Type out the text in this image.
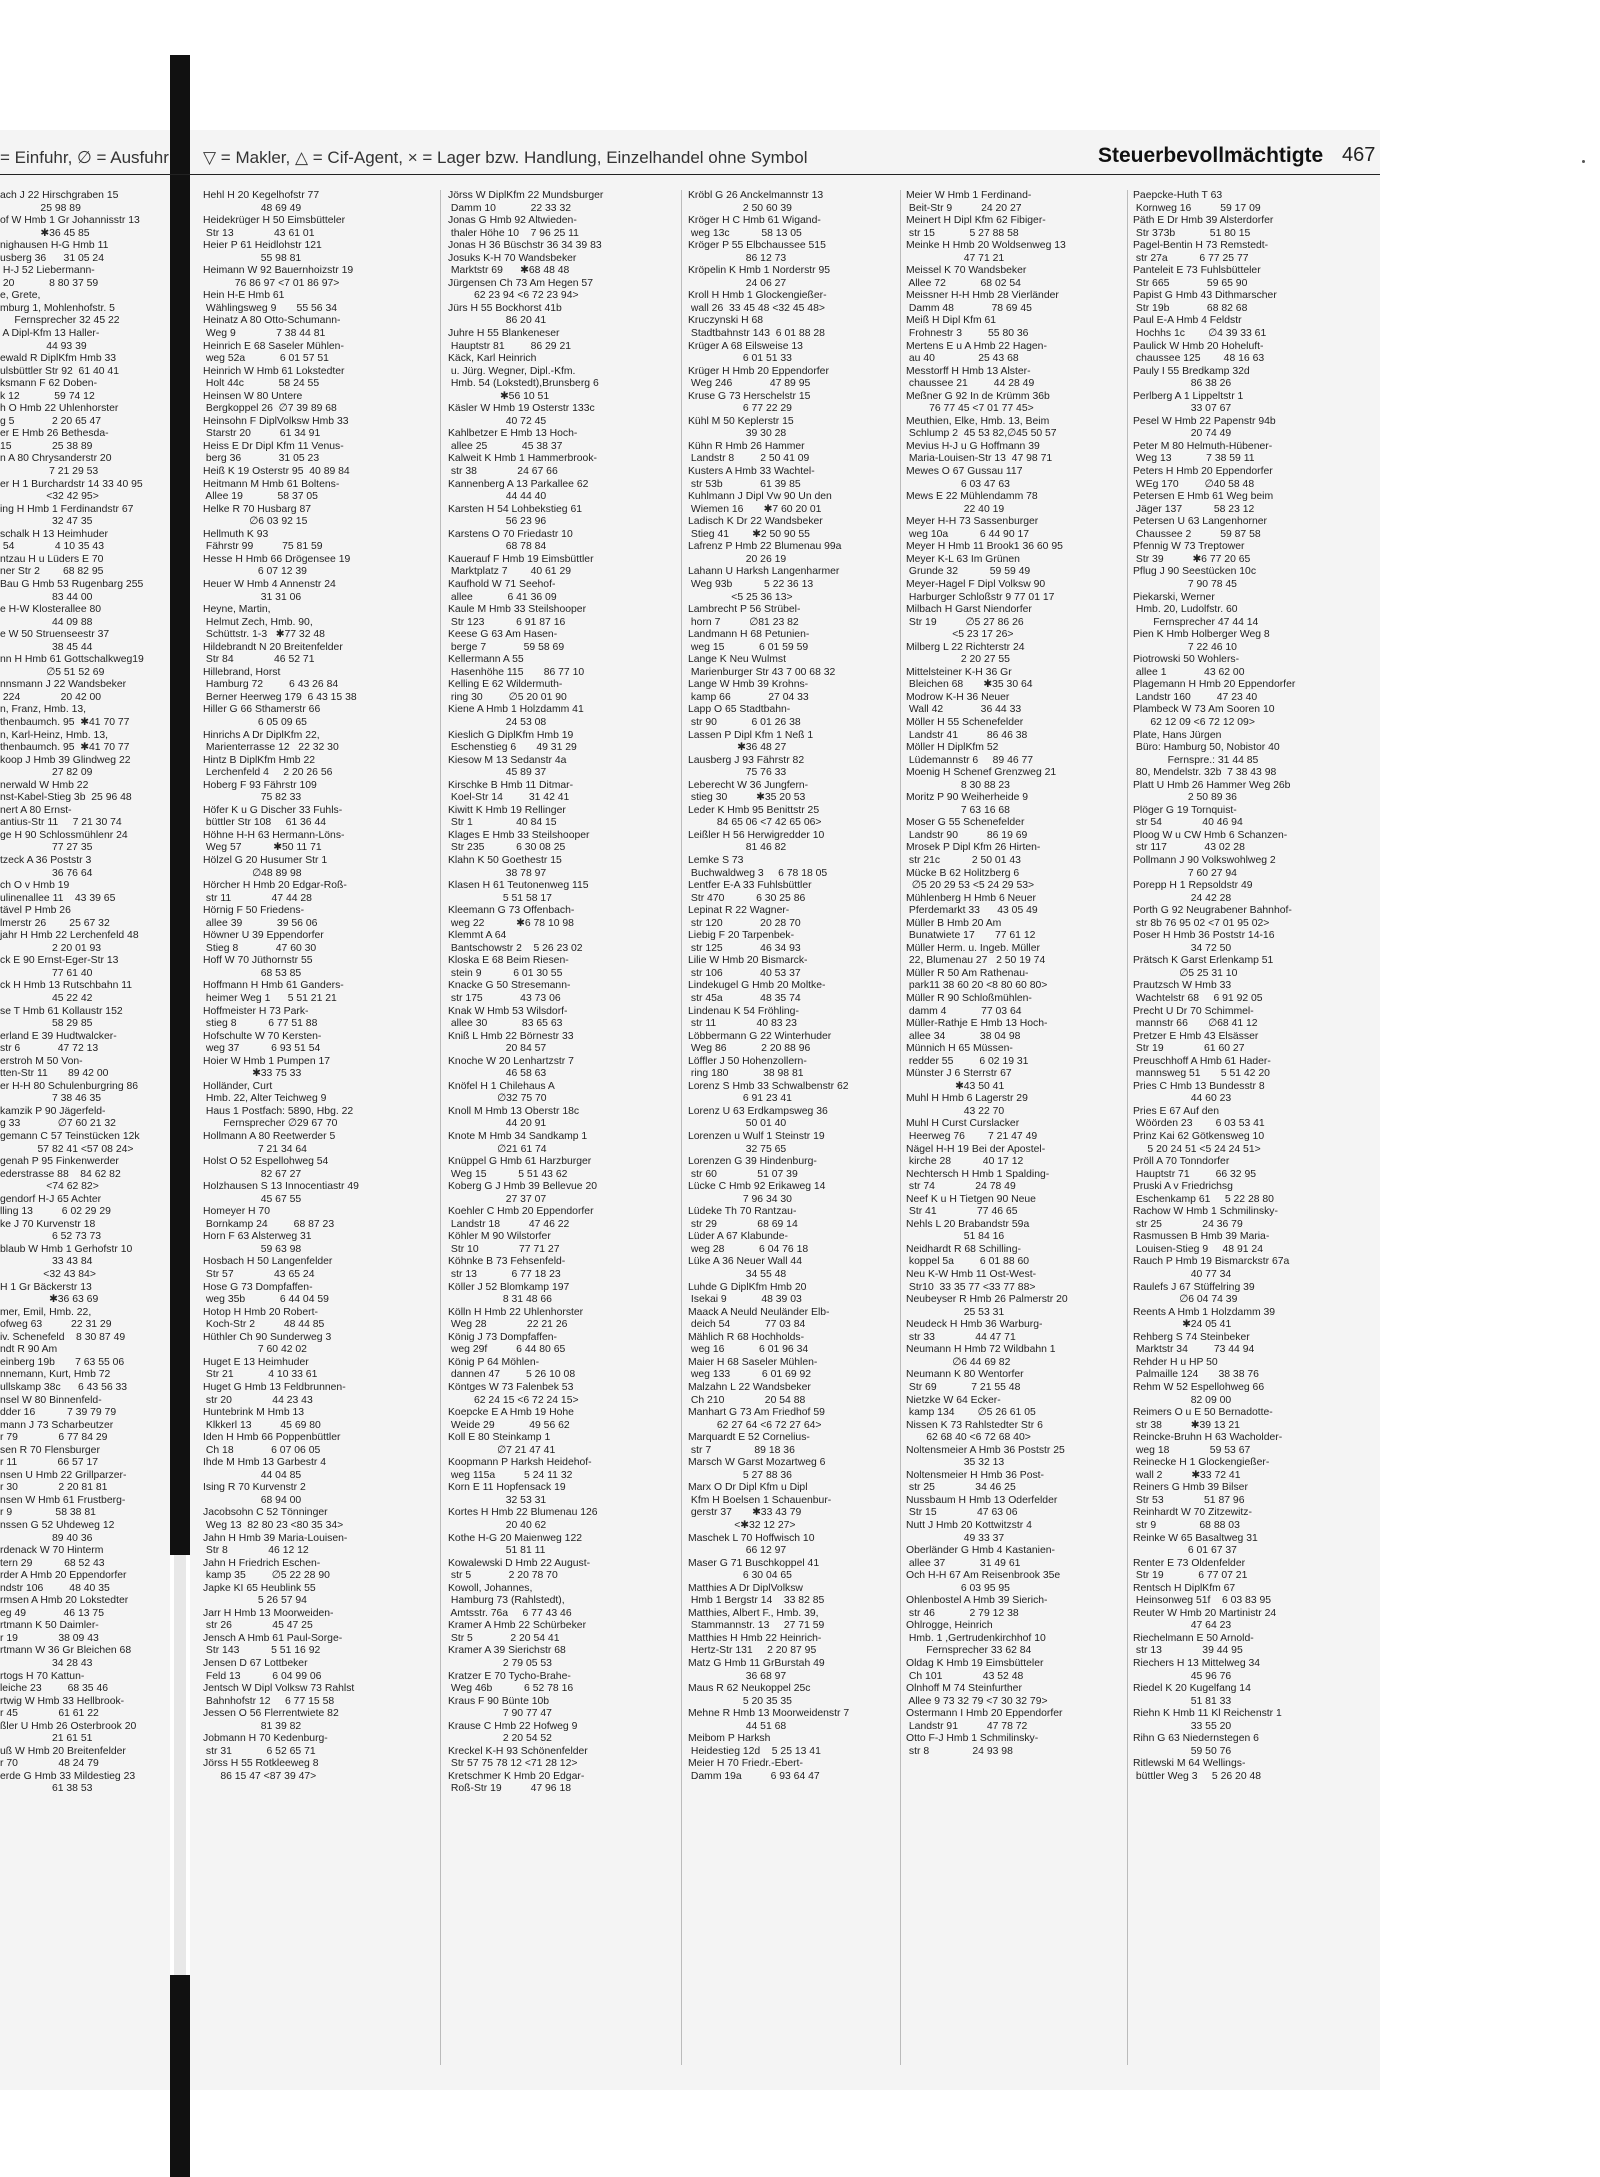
= Einfuhr, ∅ = Ausfuhr ▽ = Makler, △ = Cif-Agent, × = Lager bzw. Handlung, Einzelhandel ohne Symbol	Steuerbevollmächtigte 467
ach J 22 Hirschgraben 15
25 98 89
of W Hmb 1 Gr Johannisstr 13
✱36 45 85
nighausen H-G Hmb 11
usberg 36      31 05 24
H-J 52 Liebermann-
20            8 80 37 59
e, Grete,
mburg 1, Mohlenhofstr. 5
Fernsprecher 32 45 22
A Dipl-Kfm 13 Haller-
44 93 39
ewald R DiplKfm Hmb 33
ulsbüttler Str 92  61 40 41
ksmann F 62 Doben-
k 12            59 74 12
h O Hmb 22 Uhlenhorster
g 5             2 20 65 47
er E Hmb 26 Bethesda-
15              25 38 89
n A 80 Chrysanderstr 20
7 21 29 53
er H 1 Burchardstr 14 33 40 95
<32 42 95>
ing H Hmb 1 Ferdinandstr 67
32 47 35
schalk H 13 Heimhuder
54              4 10 35 43
ntzau H u Lüders E 70
ner Str 2        68 82 95
Bau G Hmb 53 Rugenbarg 255
83 44 00
e H-W Klosterallee 80
44 09 88
e W 50 Struenseestr 37
38 45 44
nn H Hmb 61 Gottschalkweg19
∅5 51 52 69
nnsmann J 22 Wandsbeker
224              20 42 00
n, Franz, Hmb. 13,
thenbaumch. 95  ✱41 70 77
n, Karl-Heinz, Hmb. 13,
thenbaumch. 95  ✱41 70 77
koop J Hmb 39 Glindweg 22
27 82 09
nerwald W Hmb 22
nst-Kabel-Stieg 3b  25 96 48
nert A 80 Ernst-
antius-Str 11     7 21 30 74
ge H 90 Schlossmühlenr 24
77 27 35
tzeck A 36 Poststr 3
36 76 64
ch O v Hmb 19
ulinenallee 11    43 39 65
tävel P Hmb 26
lmerstr 26        25 67 32
jahr H Hmb 22 Lerchenfeld 48
2 20 01 93
ck E 90 Ernst-Eger-Str 13
77 61 40
ck H Hmb 13 Rutschbahn 11
45 22 42
se T Hmb 61 Kollaustr 152
58 29 85
erland E 39 Hudtwalcker-
str 6             47 72 13
erstroh M 50 Von-
tten-Str 11       89 42 00
er H-H 80 Schulenburgring 86
7 38 46 35
kamzik P 90 Jägerfeld-
g 33             ∅7 60 21 32
gemann C 57 Teinstücken 12k
57 82 41 <57 08 24>
genah P 95 Finkenwerder
ederstrasse 88    84 62 82
<74 62 82>
gendorf H-J 65 Achter
lling 13          6 02 29 29
ke J 70 Kurvenstr 18
6 52 73 73
blaub W Hmb 1 Gerhofstr 10
33 43 84
<32 43 84>
H 1 Gr Bäckerstr 13
✱36 63 69
mer, Emil, Hmb. 22,
ofweg 63          22 31 29
iv. Schenefeld    8 30 87 49
ndt R 90 Am
einberg 19b       7 63 55 06
nnemann, Kurt, Hmb 72
ullskamp 38c      6 43 56 33
nsel W 80 Binnenfeld-
dder 16           7 39 79 79
mann J 73 Scharbeutzer
r 79              6 77 84 29
sen R 70 Flensburger
r 11              66 57 17
nsen U Hmb 22 Grillparzer-
r 30              2 20 81 81
nsen W Hmb 61 Frustberg-
r 9               58 38 81
nssen G 52 Uhdeweg 12
89 40 36
rdenack W 70 Hinterm
tern 29           68 52 43
rder A Hmb 20 Eppendorfer
ndstr 106         48 40 35
rmsen A Hmb 20 Lokstedter
eg 49             46 13 75
rtmann K 50 Daimler-
r 19              38 09 43
rtmann W 36 Gr Bleichen 68
34 28 43
rtogs H 70 Kattun-
leiche 23         68 35 46
rtwig W Hmb 33 Hellbrook-
r 45              61 61 22
ßler U Hmb 26 Osterbrook 20
21 61 51
uß W Hmb 20 Breitenfelder
r 70              48 24 79
erde G Hmb 33 Mildestieg 23
61 38 53
Hehl H 20 Kegelhofstr 77
48 69 49
Heidekrüger H 50 Eimsbütteler
Str 13              43 61 01
Heier P 61 Heidlohstr 121
55 98 81
Heimann W 92 Bauernhoizstr 19
76 86 97 <7 01 86 97>
Hein H-E Hmb 61
Wählingsweg 9       55 56 34
Heinatz A 80 Otto-Schumann-
Weg 9              7 38 44 81
Heinrich E 68 Saseler Mühlen-
weg 52a            6 01 57 51
Heinrich W Hmb 61 Lokstedter
Holt 44c            58 24 55
Heinsen W 80 Untere
Bergkoppel 26  ∅7 39 89 68
Heinsohn F DiplVolksw Hmb 33
Starstr 20          61 34 91
Heiss E Dr Dipl Kfm 11 Venus-
berg 36             31 05 23
Heiß K 19 Osterstr 95  40 89 84
Heitmann M Hmb 61 Boltens-
Allee 19            58 37 05
Helke R 70 Husbarg 87
∅6 03 92 15
Hellmuth K 93
Fährstr 99          75 81 59
Hesse H Hmb 66 Drögensee 19
6 07 12 39
Heuer W Hmb 4 Annenstr 24
31 31 06
Heyne, Martin,
Helmut Zech, Hmb. 90,
Schüttstr. 1-3   ✱77 32 48
Hildebrandt N 20 Breitenfelder
Str 84              46 52 71
Hillebrand, Horst
Hamburg 72         6 43 26 84
Berner Heerweg 179  6 43 15 38
Hiller G 66 Sthamerstr 66
6 05 09 65
Hinrichs A Dr DiplKfm 22,
Marienterrasse 12   22 32 30
Hintz B DiplKfm Hmb 22
Lerchenfeld 4     2 20 26 56
Hoberg F 93 Fährstr 109
75 82 33
Höfer K u G Discher 33 Fuhls-
büttler Str 108     61 36 44
Höhne H-H 63 Hermann-Löns-
Weg 57           ✱50 11 71
Hölzel G 20 Husumer Str 1
∅48 89 98
Hörcher H Hmb 20 Edgar-Roß-
str 11              47 44 28
Hörnig F 50 Friedens-
allee 39            39 56 06
Höwner U 39 Eppendorfer
Stieg 8             47 60 30
Hoff W 70 Jüthornstr 55
68 53 85
Hoffmann H Hmb 61 Ganders-
heimer Weg 1      5 51 21 21
Hoffmeister H 73 Park-
stieg 8           6 77 51 88
Hofschulte W 70 Kersten-
weg 37           6 93 51 54
Hoier W Hmb 1 Pumpen 17
✱33 75 33
Holländer, Curt
Hmb. 22, Alter Teichweg 9
Haus 1 Postfach: 5890, Hbg. 22
Fernsprecher ∅29 67 70
Hollmann A 80 Reetwerder 5
7 21 34 64
Holst O 52 Espellohweg 54
82 67 27
Holzhausen S 13 Innocentiastr 49
45 67 55
Homeyer H 70
Bornkamp 24         68 87 23
Horn F 63 Alsterweg 31
59 63 98
Hosbach H 50 Langenfelder
Str 57              43 65 24
Hose G 73 Dompfaffen-
weg 35b            6 44 04 59
Hotop H Hmb 20 Robert-
Koch-Str 2          48 44 85
Hüthler Ch 90 Sunderweg 3
7 60 42 02
Huget E 13 Heimhuder
Str 21            4 10 33 61
Huget G Hmb 13 Feldbrunnen-
str 20              44 23 43
Huntebrink M Hmb 13
Klkkerl 13          45 69 80
Iden H Hmb 66 Poppenbüttler
Ch 18             6 07 06 05
Ihde M Hmb 13 Garbestr 4
44 04 85
Ising R 70 Kurvenstr 2
68 94 00
Jacobsohn C 52 Tönninger
Weg 13  82 80 23 <80 35 34>
Jahn H Hmb 39 Maria-Louisen-
Str 8              46 12 12
Jahn H Friedrich Eschen-
kamp 35         ∅5 22 28 90
Japke KI 65 Heublink 55
5 26 57 94
Jarr H Hmb 13 Moorweiden-
str 26              45 47 25
Jensch A Hmb 61 Paul-Sorge-
Str 143           5 51 16 92
Jensen D 67 Lottbeker
Feld 13           6 04 99 06
Jentsch W Dipl Volksw 73 Rahlst
Bahnhofstr 12     6 77 15 58
Jessen O 56 Flerrentwiete 82
81 39 82
Jobmann H 70 Kedenburg-
str 31            6 52 65 71
Jörss H 55 Rotkleeweg 8
86 15 47 <87 39 47>
Jörss W DiplKfm 22 Mundsburger
Damm 10            22 33 32
Jonas G Hmb 92 Altwieden-
thaler Höhe 10    7 96 25 11
Jonas H 36 Büschstr 36 34 39 83
Josuks K-H 70 Wandsbeker
Marktstr 69      ✱68 48 48
Jürgensen Ch 73 Am Hegen 57
62 23 94 <6 72 23 94>
Jürs H 55 Bockhorst 41b
86 20 41
Juhre H 55 Blankeneser
Hauptstr 81         86 29 21
Käck, Karl Heinrich
u. Jürg. Wegner, Dipl.-Kfm.
Hmb. 54 (Lokstedt),Brunsberg 6
✱56 10 51
Käsler W Hmb 19 Osterstr 133c
40 72 45
Kahlbetzer E Hmb 13 Hoch-
allee 25            45 38 37
Kalweit K Hmb 1 Hammerbrook-
str 38              24 67 66
Kannenberg A 13 Parkallee 62
44 44 40
Karsten H 54 Lohbekstieg 61
56 23 96
Karstens O 70 Friedastr 10
68 78 84
Kauerauf F Hmb 19 Eimsbüttler
Marktplatz 7        40 61 29
Kaufhold W 71 Seehof-
allee            6 41 36 09
Kaule M Hmb 33 Steilshooper
Str 123           6 91 87 16
Keese G 63 Am Hasen-
berge 7             59 58 69
Kellermann A 55
Hasenhöhe 115       86 77 10
Kelling E 62 Wildermuth-
ring 30         ∅5 20 01 90
Kiene A Hmb 1 Holzdamm 41
24 53 08
Kieslich G DiplKfm Hmb 19
Eschenstieg 6       49 31 29
Kiesow M 13 Sedanstr 4a
45 89 37
Kirschke B Hmb 11 Ditmar-
Koel-Str 14         31 42 41
Kiwitt K Hmb 19 Rellinger
Str 1               40 84 15
Klages E Hmb 33 Steilshooper
Str 235           6 30 08 25
Klahn K 50 Goethestr 15
38 78 97
Klasen H 61 Teutonenweg 115
5 51 58 17
Kleemann G 73 Offenbach-
weg 22           ✱6 78 10 98
Klemmt A 64
Bantschowstr 2    5 26 23 02
Kloska E 68 Beim Riesen-
stein 9           6 01 30 55
Knacke G 50 Stresemann-
str 175             43 73 06
Knak W Hmb 53 Wilsdorf-
allee 30            83 65 63
Kniß L Hmb 22 Börnestr 33
20 84 57
Knoche W 20 Lenhartzstr 7
46 58 63
Knöfel H 1 Chilehaus A
∅32 75 70
Knoll M Hmb 13 Oberstr 18c
44 20 91
Knote M Hmb 34 Sandkamp 1
∅21 61 74
Knüppel G Hmb 61 Harzburger
Weg 15           5 51 43 62
Koberg G J Hmb 39 Bellevue 20
27 37 07
Koehler C Hmb 20 Eppendorfer
Landstr 18          47 46 22
Köhler M 90 Wilstorfer
Str 10              77 71 27
Köhnke B 73 Fehsenfeld-
str 13            6 77 18 23
Köller J 52 Blomkamp 197
8 31 48 66
Kölln H Hmb 22 Uhlenhorster
Weg 28              22 21 26
König J 73 Dompfaffen-
weg 29f          6 44 80 65
König P 64 Möhlen-
dannen 47         5 26 10 08
Köntges W 73 Falenbek 53
62 24 15 <6 72 24 15>
Koepcke E A Hmb 19 Hohe
Weide 29            49 56 62
Koll E 80 Steinkamp 1
∅7 21 47 41
Koopmann P Harksh Heidehof-
weg 115a          5 24 11 32
Korn E 11 Hopfensack 19
32 53 31
Kortes H Hmb 22 Blumenau 126
20 40 62
Kothe H-G 20 Maienweg 122
51 81 11
Kowalewski D Hmb 22 August-
str 5             2 20 78 70
Kowoll, Johannes,
Hamburg 73 (Rahlstedt),
Amtsstr. 76a     6 77 43 46
Kramer A Hmb 22 Schürbeker
Str 5             2 20 54 41
Kramer A 39 Sierichstr 68
2 79 05 53
Kratzer E 70 Tycho-Brahe-
Weg 46b           6 52 78 16
Kraus F 90 Bünte 10b
7 90 77 47
Krause C Hmb 22 Hofweg 9
2 20 54 52
Kreckel K-H 93 Schönenfelder
Str 57 75 78 12 <71 28 12>
Kretschmer K Hmb 20 Edgar-
Roß-Str 19          47 96 18
Kröbl G 26 Anckelmannstr 13
2 50 60 39
Kröger H C Hmb 61 Wigand-
weg 13c           58 13 05
Kröger P 55 Elbchaussee 515
86 12 73
Kröpelin K Hmb 1 Norderstr 95
24 06 27
Kroll H Hmb 1 Glockengießer-
wall 26  33 45 48 <32 45 48>
Kruczynski H 68
Stadtbahnstr 143  6 01 88 28
Krüger A 68 Eilsweise 13
6 01 51 33
Krüger H Hmb 20 Eppendorfer
Weg 246             47 89 95
Kruse G 73 Herschelstr 15
6 77 22 29
Kühl M 50 Keplerstr 15
39 30 28
Kühn R Hmb 26 Hammer
Landstr 8         2 50 41 09
Kusters A Hmb 33 Wachtel-
str 53b             61 39 85
Kuhlmann J Dipl Vw 90 Un den
Wiemen 16       ✱7 60 20 01
Ladisch K Dr 22 Wandsbeker
Stieg 41        ✱2 50 90 55
Lafrenz P Hmb 22 Blumenau 99a
20 26 19
Lahann U Harksh Langenharmer
Weg 93b           5 22 36 13
<5 25 36 13>
Lambrecht P 56 Strübel-
horn 7          ∅81 23 82
Landmann H 68 Petunien-
weg 15            6 01 59 59
Lange K Neu Wulmst
Marienburger Str 43 7 00 68 32
Lange W Hmb 39 Krohns-
kamp 66             27 04 33
Lapp O 65 Stadtbahn-
str 90            6 01 26 38
Lassen P Dipl Kfm 1 Neß 1
✱36 48 27
Lausberg J 93 Fährstr 82
75 76 33
Leberecht W 36 Jungfern-
stieg 30          ✱35 20 53
Leder K Hmb 95 Benittstr 25
84 65 06 <7 42 65 06>
Leißler H 56 Herwigredder 10
81 46 82
Lemke S 73
Buchwaldweg 3     6 78 18 05
Lentfer E-A 33 Fuhlsbüttler
Str 470           6 30 25 86
Lepinat R 22 Wagner-
str 120             20 28 70
Liebig F 20 Tarpenbek-
str 125             46 34 93
Lilie W Hmb 20 Bismarck-
str 106             40 53 37
Lindekugel G Hmb 20 Moltke-
str 45a             48 35 74
Lindenau K 54 Fröhling-
str 11              40 83 23
Löbbermann G 22 Winterhuder
Weg 86            2 20 88 96
Löffler J 50 Hohenzollern-
ring 180            38 98 81
Lorenz S Hmb 33 Schwalbenstr 62
6 91 23 41
Lorenz U 63 Erdkampsweg 36
50 01 40
Lorenzen u Wulf 1 Steinstr 19
32 75 65
Lorenzen G 39 Hindenburg-
str 60              51 07 39
Lücke C Hmb 92 Erikaweg 14
7 96 34 30
Lüdeke Th 70 Rantzau-
str 29              68 69 14
Lüder A 67 Klabunde-
weg 28            6 04 76 18
Lüke A 36 Neuer Wall 44
34 55 48
Luhde G DiplKfm Hmb 20
Isekai 9            48 39 03
Maack A Neuld Neuländer Elb-
deich 54            77 03 84
Mählich R 68 Hochholds-
weg 16            6 01 96 34
Maier H 68 Saseler Mühlen-
weg 133           6 01 69 92
Malzahn L 22 Wandsbeker
Ch 210              20 54 88
Manhart G 73 Am Friedhof 59
62 27 64 <6 72 27 64>
Marquardt E 52 Cornelius-
str 7               89 18 36
Marsch W Garst Mozartweg 6
5 27 88 36
Marx O Dr Dipl Kfm u Dipl
Kfm H Boelsen 1 Schauenbur-
gerstr 37       ✱33 43 79
<✱32 12 27>
Maschek L 70 Hoffwisch 10
66 12 97
Maser G 71 Buschkoppel 41
6 30 04 65
Matthies A Dr DiplVolksw
Hmb 1 Bergstr 14    33 82 85
Matthies, Albert F., Hmb. 39,
Stammannstr. 13     27 71 59
Matthies H Hmb 22 Heinrich-
Hertz-Str 131     2 20 87 95
Matz G Hmb 11 GrBurstah 49
36 68 97
Maus R 62 Neukoppel 25c
5 20 35 35
Mehne R Hmb 13 Moorweidenstr 7
44 51 68
Meibom P Harksh
Heidestieg 12d    5 25 13 41
Meier H 70 Friedr.-Ebert-
Damm 19a          6 93 64 47
Meier W Hmb 1 Ferdinand-
Beit-Str 9          24 20 27
Meinert H Dipl Kfm 62 Fibiger-
str 15            5 27 88 58
Meinke H Hmb 20 Woldsenweg 13
47 71 21
Meissel K 70 Wandsbeker
Allee 72            68 02 54
Meissner H-H Hmb 28 Vierländer
Damm 48             78 69 45
Meiß H Dipl Kfm 61
Frohnestr 3         55 80 36
Mertens E u A Hmb 22 Hagen-
au 40               25 43 68
Messtorff H Hmb 13 Alster-
chaussee 21         44 28 49
Meßner G 92 In de Krümm 36b
76 77 45 <7 01 77 45>
Meuthien, Elke, Hmb. 13, Beim
Schlump 2  45 53 82,∅45 50 57
Mevius H-J u G Hoffmann 39
Maria-Louisen-Str 13  47 98 71
Mewes O 67 Gussau 117
6 03 47 63
Mews E 22 Mühlendamm 78
22 40 19
Meyer H-H 73 Sassenburger
weg 10a           6 44 90 17
Meyer H Hmb 11 Brook1 36 60 95
Meyer K-L 63 Im Grünen
Grunde 32           59 59 49
Meyer-Hagel F Dipl Volksw 90
Harburger Schloßstr 9 77 01 17
Milbach H Garst Niendorfer
Str 19          ∅5 27 86 26
<5 23 17 26>
Milberg L 22 Richterstr 24
2 20 27 55
Mittelsteiner K-H 36 Gr
Bleichen 68       ✱35 30 64
Modrow K-H 36 Neuer
Wall 42             36 44 33
Möller H 55 Schenefelder
Landstr 41          86 46 38
Möller H DiplKfm 52
Lüdemannstr 6     89 46 77
Moenig H Schenef Grenzweg 21
8 30 88 23
Moritz P 90 Weiherheide 9
7 63 16 68
Moser G 55 Schenefelder
Landstr 90          86 19 69
Mrosek P Dipl Kfm 26 Hirten-
str 21c           2 50 01 43
Mücke B 62 Holitzberg 6
∅5 20 29 53 <5 24 29 53>
Mühlenberg H Hmb 6 Neuer
Pferdemarkt 33      43 05 49
Müller B Hmb 20 Am
Bunatwiete 17       77 61 12
Müller Herm. u. Ingeb. Müller
22, Blumenau 27   2 50 19 74
Müller R 50 Am Rathenau-
park11 38 60 20 <8 80 60 80>
Müller R 90 Schloßmühlen-
damm 4            77 03 64
Müller-Rathje E Hmb 13 Hoch-
allee 34            38 04 98
Münnich H 65 Müssen-
redder 55         6 02 19 31
Münster J 6 Sterrstr 67
✱43 50 41
Muhl H Hmb 6 Lagerstr 29
43 22 70
Muhl H Curst Curslacker
Heerweg 76        7 21 47 49
Nägel H-H 19 Bei der Apostel-
kirche 28           40 17 12
Nechtersch H Hmb 1 Spalding-
str 74              24 78 49
Neef K u H Tietgen 90 Neue
Str 41              77 46 65
Nehls L 20 Brabandstr 59a
51 84 16
Neidhardt R 68 Schilling-
koppel 5a         6 01 88 60
Neu K-W Hmb 11 Ost-West-
Str10  33 35 77 <33 77 88>
Neubeyser R Hmb 26 Palmerstr 20
25 53 31
Neudeck H Hmb 36 Warburg-
str 33              44 47 71
Neumann H Hmb 72 Wildbahn 1
∅6 44 69 82
Neumann K 80 Wentorfer
Str 69            7 21 55 48
Nietzke W 64 Ecker-
kamp 134        ∅5 26 61 05
Nissen K 73 Rahlstedter Str 6
62 68 40 <6 72 68 40>
Noltensmeier A Hmb 36 Poststr 25
35 32 13
Noltensmeier H Hmb 36 Post-
str 25              34 46 25
Nussbaum H Hmb 13 Oderfelder
Str 15              47 63 06
Nutt J Hmb 20 Kottwitzstr 4
49 33 37
Oberländer G Hmb 4 Kastanien-
allee 37            31 49 61
Och H-H 67 Am Reisenbrook 35e
6 03 95 95
Ohlenbostel A Hmb 39 Sierich-
str 46            2 79 12 38
Ohlrogge, Heinrich
Hmb. 1 ,Gertrudenkirchhof 10
Fernsprecher 33 62 84
Oldag K Hmb 19 Eimsbütteler
Ch 101              43 52 48
Olnhoff M 74 Steinfurther
Allee 9 73 32 79 <7 30 32 79>
Ostermann I Hmb 20 Eppendorfer
Landstr 91          47 78 72
Otto F-J Hmb 1 Schmilinsky-
str 8               24 93 98
Paepcke-Huth T 63
Kornweg 16          59 17 09
Päth E Dr Hmb 39 Alsterdorfer
Str 373b            51 80 15
Pagel-Bentin H 73 Remstedt-
str 27a           6 77 25 77
Panteleit E 73 Fuhlsbütteler
Str 665             59 65 90
Papist G Hmb 43 Dithmarscher
Str 19b             68 82 68
Paul E-A Hmb 4 Feldstr
Hochhs 1c        ∅4 39 33 61
Paulick W Hmb 20 Hoheluft-
chaussee 125        48 16 63
Pauly I 55 Bredkamp 32d
86 38 26
Perlberg A 1 Lippeltstr 1
33 07 67
Pesel W Hmb 22 Papenstr 94b
20 74 49
Peter M 80 Helmuth-Hübener-
Weg 13            7 38 59 11
Peters H Hmb 20 Eppendorfer
WEg 170         ∅40 58 48
Petersen E Hmb 61 Weg beim
Jäger 137           58 23 12
Petersen U 63 Langenhorner
Chaussee 2          59 87 58
Pfennig W 73 Treptower
Str 39          ✱6 77 20 65
Pflug J 90 Seestücken 10c
7 90 78 45
Piekarski, Werner
Hmb. 20, Ludolfstr. 60
Fernsprecher 47 44 14
Pien K Hmb Holberger Weg 8
7 22 46 10
Piotrowski 50 Wohlers-
allee 1             43 62 00
Plagemann H Hmb 20 Eppendorfer
Landstr 160         47 23 40
Plambeck W 73 Am Sooren 10
62 12 09 <6 72 12 09>
Plate, Hans Jürgen
Büro: Hamburg 50, Nobistor 40
Fernspre.: 31 44 85
80, Mendelstr. 32b  7 38 43 98
Platt U Hmb 26 Hammer Weg 26b
2 50 89 36
Plöger G 19 Tornquist-
str 54              40 46 94
Ploog W u CW Hmb 6 Schanzen-
str 117             43 02 28
Pollmann J 90 Volkswohlweg 2
7 60 27 94
Porepp H 1 Repsoldstr 49
24 42 28
Porth G 92 Neugrabener Bahnhof-
str 8b 76 95 02 <7 01 95 02>
Poser H Hmb 36 Poststr 14-16
34 72 50
Prätsch K Garst Erlenkamp 51
∅5 25 31 10
Prautzsch W Hmb 33
Wachtelstr 68     6 91 92 05
Precht U Dr 70 Schimmel-
mannstr 66       ∅68 41 12
Pretzer E Hmb 43 Elsässer
Str 19              61 60 27
Preuschhoff A Hmb 61 Hader-
mannsweg 51       5 51 42 20
Pries C Hmb 13 Bundesstr 8
44 60 23
Pries E 67 Auf den
Wöörden 23        6 03 53 41
Prinz Kai 62 Götkensweg 10
5 20 24 51 <5 24 24 51>
Pröll A 70 Tonndorfer
Hauptstr 71         66 32 95
Pruski A v Friedrichsg
Eschenkamp 61     5 22 28 80
Rachow W Hmb 1 Schmilinsky-
str 25              24 36 79
Rasmussen B Hmb 39 Maria-
Louisen-Stieg 9     48 91 24
Rauch P Hmb 19 Bismarckstr 67a
40 77 34
Raulefs J 67 Stüffelring 39
∅6 04 74 39
Reents A Hmb 1 Holzdamm 39
✱24 05 41
Rehberg S 74 Steinbeker
Marktstr 34         73 44 94
Rehder H u HP 50
Palmaille 124       38 38 76
Rehm W 52 Espellohweg 66
82 09 00
Reimers O u E 50 Bernadotte-
str 38          ✱39 13 21
Reincke-Bruhn H 63 Wacholder-
weg 18              59 53 67
Reinecke H 1 Glockengießer-
wall 2          ✱33 72 41
Reiners G Hmb 39 Bilser
Str 53              51 87 96
Reinhardt W 70 Zitzewitz-
str 9               68 88 03
Reinke W 65 Basaltweg 31
6 01 67 37
Renter E 73 Oldenfelder
Str 19            6 77 07 21
Rentsch H DiplKfm 67
Heinsonweg 51f    6 03 83 95
Reuter W Hmb 20 Martinistr 24
47 64 23
Riechelmann E 50 Arnold-
str 13              39 44 95
Riechers H 13 Mittelweg 34
45 96 76
Riedel K 20 Kugelfang 14
51 81 33
Riehn K Hmb 11 Kl Reichenstr 1
33 55 20
Rihn G 63 Niedernstegen 6
59 50 76
Ritlewski M 64 Wellings-
büttler Weg 3     5 26 20 48
